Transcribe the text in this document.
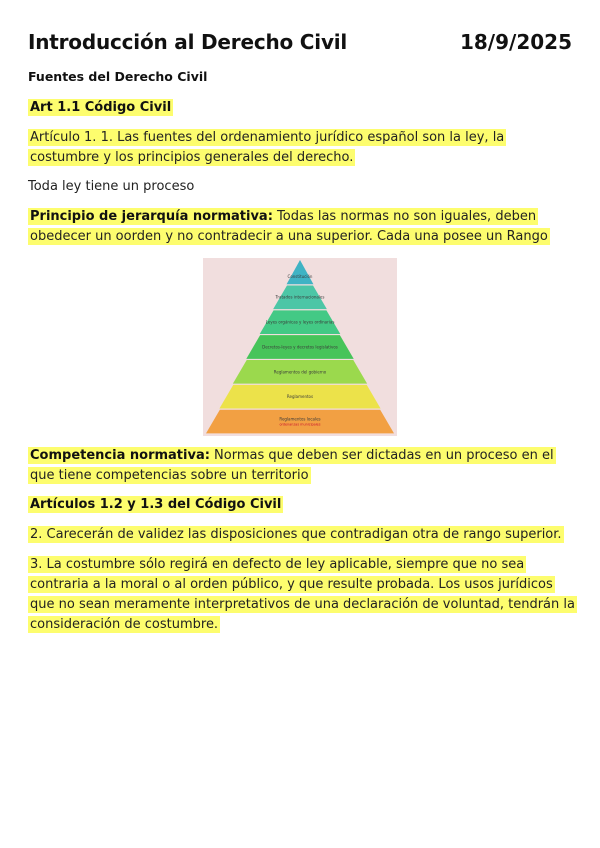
Introducción al Derecho Civil	18/9/2025
Fuentes del Derecho Civil
Art 1.1 Código Civil
Artículo 1. 1. Las fuentes del ordenamiento jurídico español son la ley, la costumbre y los principios generales del derecho.
Toda ley tiene un proceso
Principio de jerarquía normativa: Todas las normas no son iguales, deben obedecer un oorden y no contradecir a una superior. Cada una posee un Rango
Constitución
Tratados internacionales
Leyes orgánicas y leyes ordinarias
Decretos-leyes y decretos legislativos
Reglamentos del gobierno
Reglamentos
Reglamentos locales
ordenanzas municipales
Competencia normativa: Normas que deben ser dictadas en un proceso en el que tiene competencias sobre un territorio
Artículos 1.2 y 1.3 del Código Civil
2. Carecerán de validez las disposiciones que contradigan otra de rango superior.
3. La costumbre sólo regirá en defecto de ley aplicable, siempre que no sea contraria a la moral o al orden público, y que resulte probada. Los usos jurídicos que no sean meramente interpretativos de una declaración de voluntad, tendrán la consideración de costumbre.
